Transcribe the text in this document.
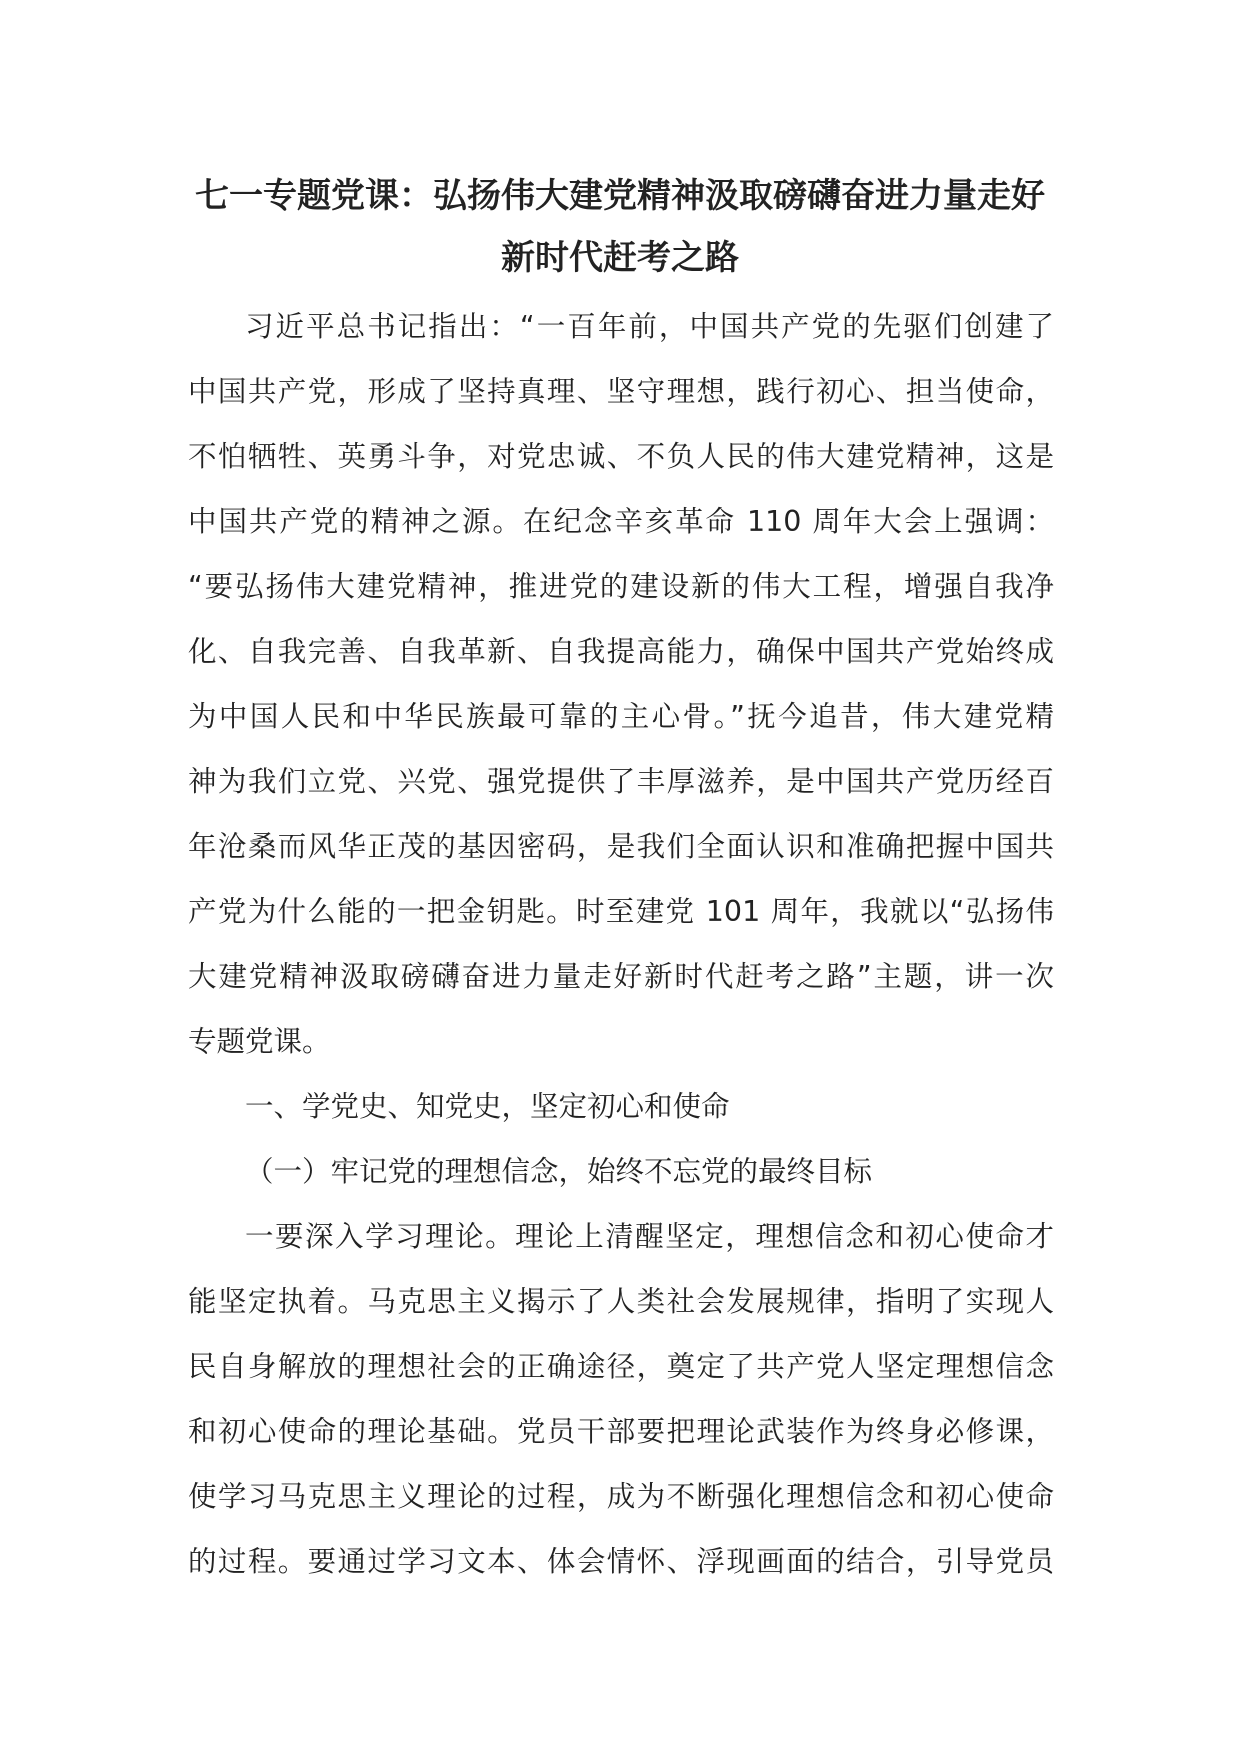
七一专题党课：弘扬伟大建党精神汲取磅礴奋进力量走好
新时代赶考之路

习近平总书记指出：“一百年前，中国共产党的先驱们创建了
中国共产党，形成了坚持真理、坚守理想，践行初心、担当使命，
不怕牺牲、英勇斗争，对党忠诚、不负人民的伟大建党精神，这是
中国共产党的精神之源。在纪念辛亥革命 110 周年大会上强调：
“要弘扬伟大建党精神，推进党的建设新的伟大工程，增强自我净
化、自我完善、自我革新、自我提高能力，确保中国共产党始终成
为中国人民和中华民族最可靠的主心骨。”抚今追昔，伟大建党精
神为我们立党、兴党、强党提供了丰厚滋养，是中国共产党历经百
年沧桑而风华正茂的基因密码，是我们全面认识和准确把握中国共
产党为什么能的一把金钥匙。时至建党 101 周年，我就以“弘扬伟
大建党精神汲取磅礴奋进力量走好新时代赶考之路”主题，讲一次
专题党课。

一、学党史、知党史，坚定初心和使命

（一）牢记党的理想信念，始终不忘党的最终目标

一要深入学习理论。理论上清醒坚定，理想信念和初心使命才
能坚定执着。马克思主义揭示了人类社会发展规律，指明了实现人
民自身解放的理想社会的正确途径，奠定了共产党人坚定理想信念
和初心使命的理论基础。党员干部要把理论武装作为终身必修课，
使学习马克思主义理论的过程，成为不断强化理想信念和初心使命
的过程。要通过学习文本、体会情怀、浮现画面的结合，引导党员
